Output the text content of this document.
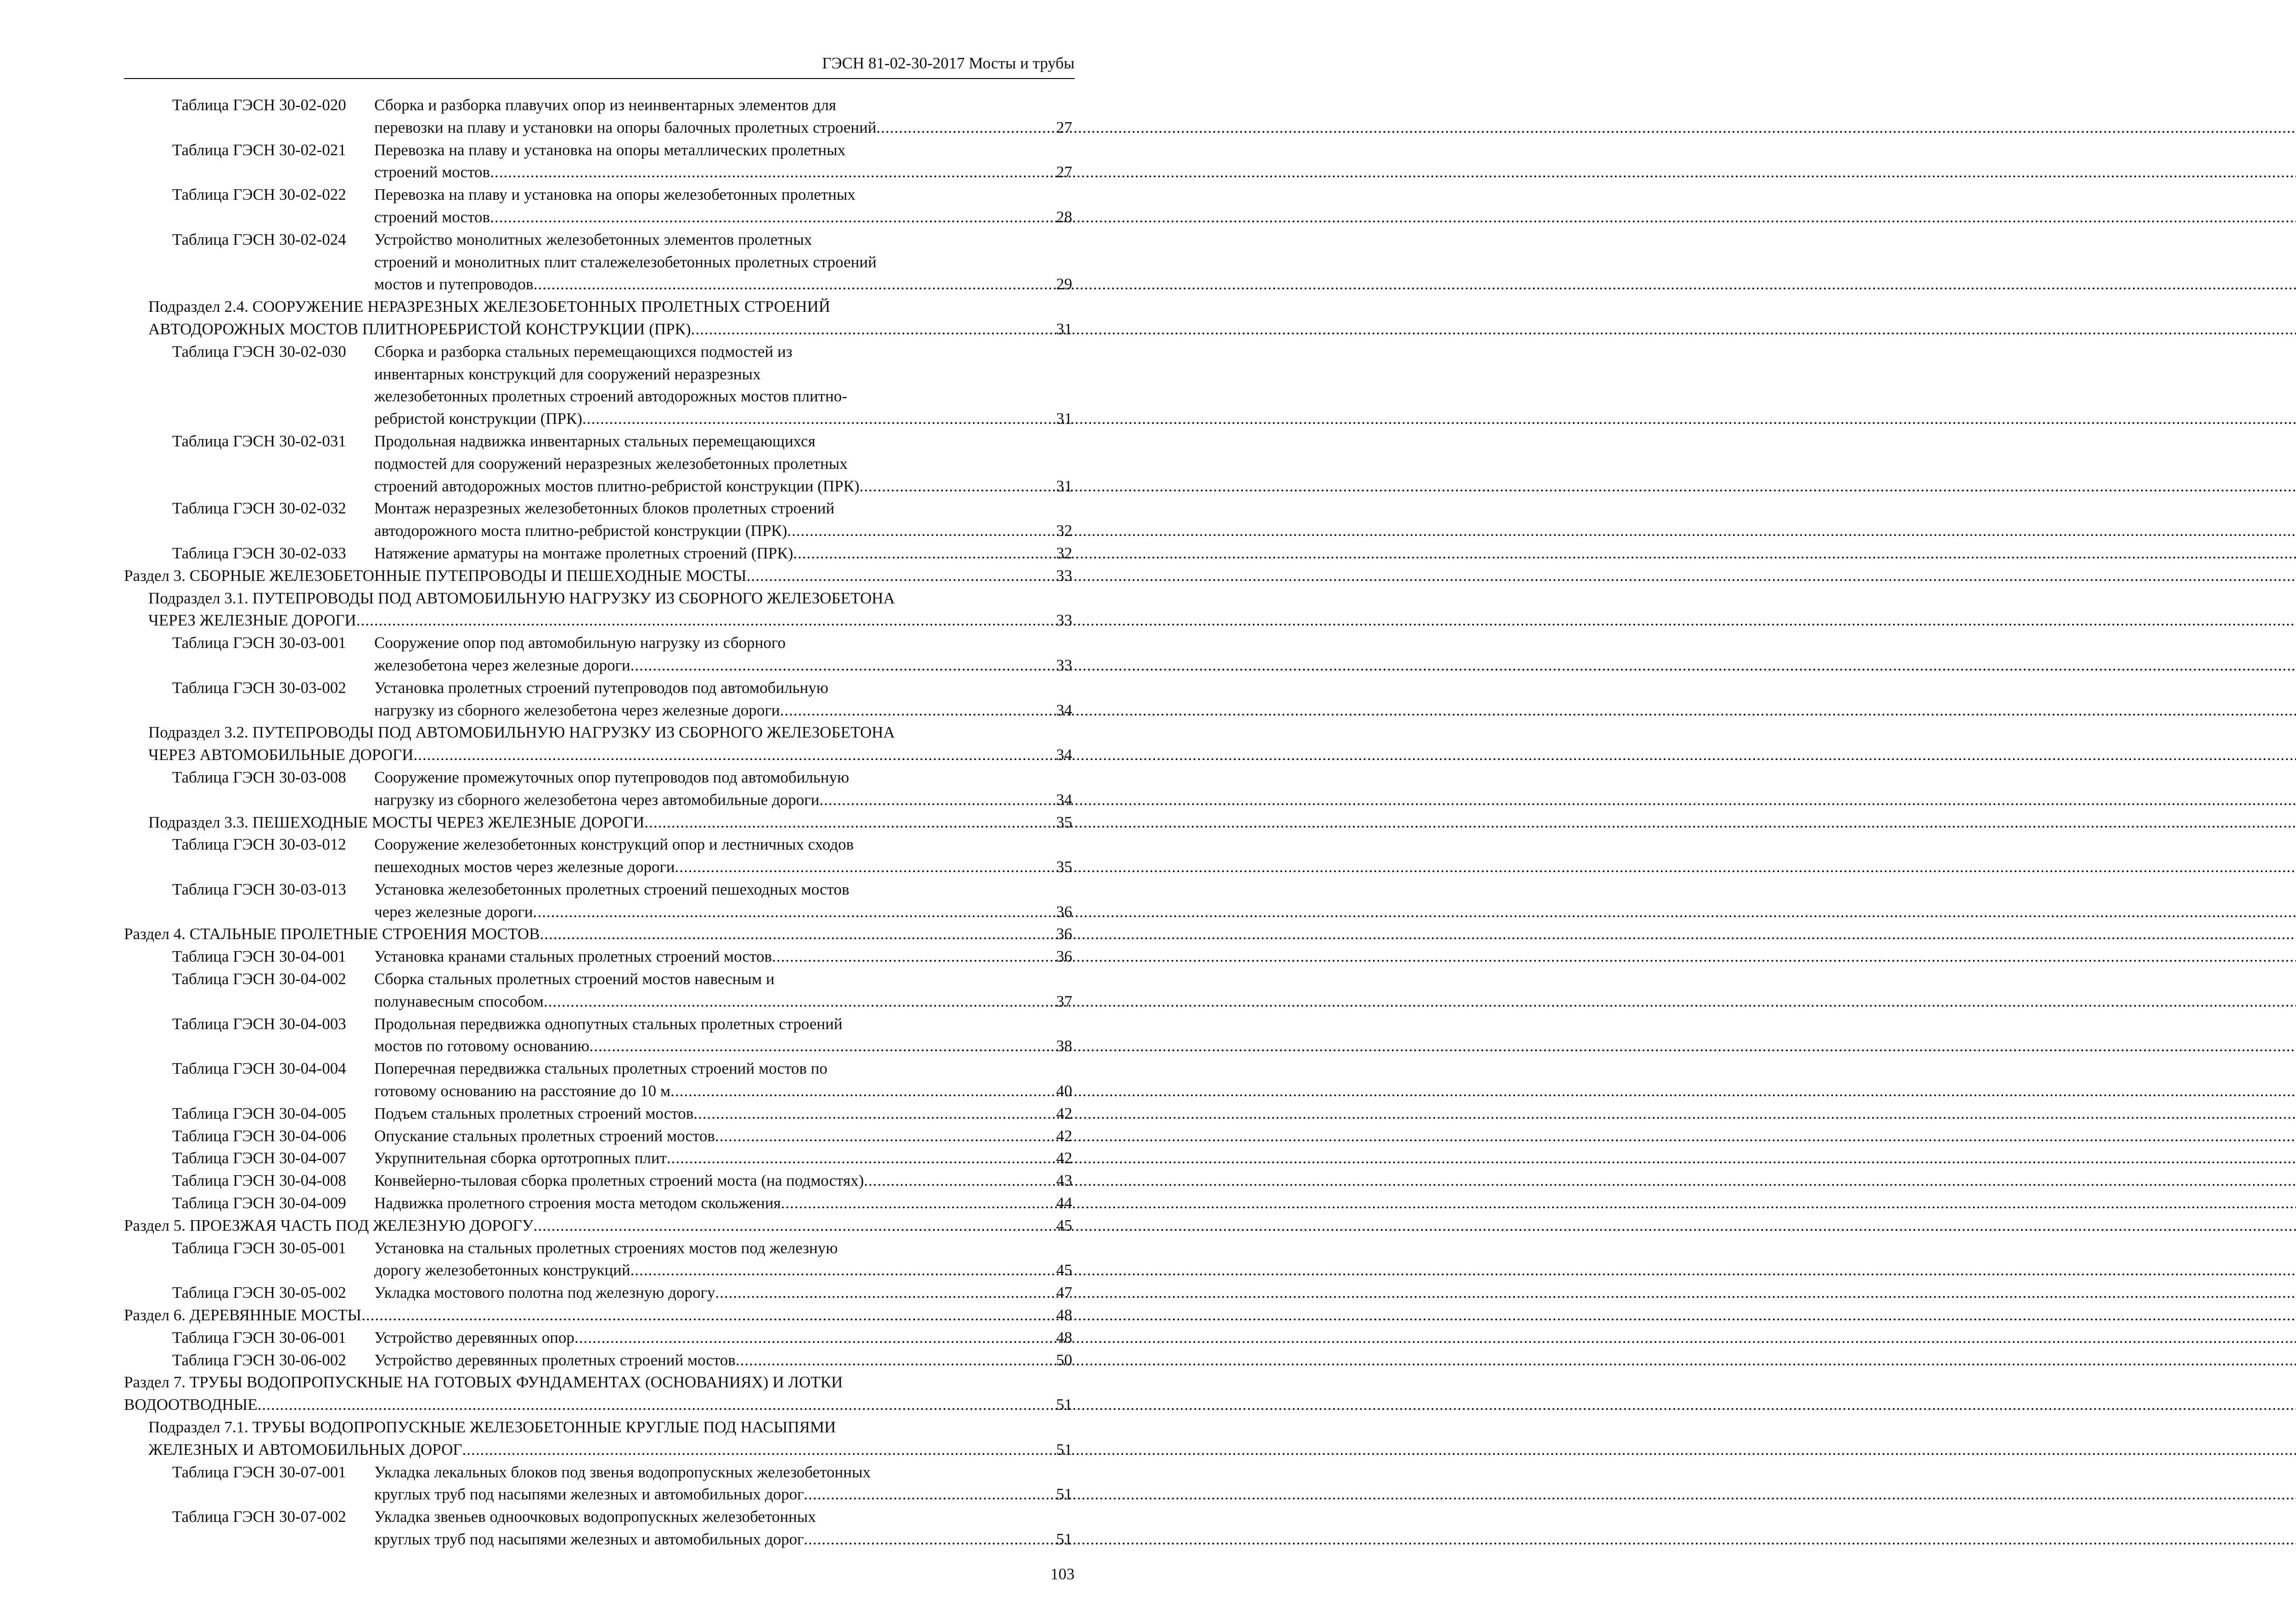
ГЭСН 81-02-30-2017 Мосты и трубы
Таблица ГЭСН 30-02-020	Сборка и разборка плавучих опор из неинвентарных элементов для
перевозки на плаву и установки на опоры балочных пролетных строений .....	27
Таблица ГЭСН 30-02-021	Перевозка на плаву и установка на опоры металлических пролетных
строений мостов .....	27
Таблица ГЭСН 30-02-022	Перевозка на плаву и установка на опоры железобетонных пролетных
строений мостов .....	28
Таблица ГЭСН 30-02-024	Устройство монолитных железобетонных элементов пролетных
строений и монолитных плит сталежелезобетонных пролетных строений
мостов и путепроводов .....	29
Подраздел 2.4. СООРУЖЕНИЕ НЕРАЗРЕЗНЫХ ЖЕЛЕЗОБЕТОННЫХ ПРОЛЕТНЫХ СТРОЕНИЙ
АВТОДОРОЖНЫХ МОСТОВ ПЛИТНОРЕБРИСТОЙ КОНСТРУКЦИИ (ПРК) .....	31
Таблица ГЭСН 30-02-030	Сборка и разборка стальных перемещающихся подмостей из
инвентарных конструкций для сооружений неразрезных
железобетонных пролетных строений автодорожных мостов плитно-
ребристой конструкции (ПРК) .....	31
Таблица ГЭСН 30-02-031	Продольная надвижка инвентарных стальных перемещающихся
подмостей для сооружений неразрезных железобетонных пролетных
строений автодорожных мостов плитно-ребристой конструкции (ПРК) .....	31
Таблица ГЭСН 30-02-032	Монтаж неразрезных железобетонных блоков пролетных строений
автодорожного моста плитно-ребристой конструкции (ПРК) .....	32
Таблица ГЭСН 30-02-033	Натяжение арматуры на монтаже пролетных строений (ПРК) .....	32
Раздел 3. СБОРНЫЕ ЖЕЛЕЗОБЕТОННЫЕ ПУТЕПРОВОДЫ И ПЕШЕХОДНЫЕ МОСТЫ .....	33
Подраздел 3.1. ПУТЕПРОВОДЫ ПОД АВТОМОБИЛЬНУЮ НАГРУЗКУ ИЗ СБОРНОГО ЖЕЛЕЗОБЕТОНА
ЧЕРЕЗ ЖЕЛЕЗНЫЕ ДОРОГИ .....	33
Таблица ГЭСН 30-03-001	Сооружение опор под автомобильную нагрузку из сборного
железобетона через железные дороги .....	33
Таблица ГЭСН 30-03-002	Установка пролетных строений путепроводов под автомобильную
нагрузку из сборного железобетона через железные дороги .....	34
Подраздел 3.2. ПУТЕПРОВОДЫ ПОД АВТОМОБИЛЬНУЮ НАГРУЗКУ ИЗ СБОРНОГО ЖЕЛЕЗОБЕТОНА
ЧЕРЕЗ АВТОМОБИЛЬНЫЕ ДОРОГИ .....	34
Таблица ГЭСН 30-03-008	Сооружение промежуточных опор путепроводов под автомобильную
нагрузку из сборного железобетона через автомобильные дороги .....	34
Подраздел 3.3. ПЕШЕХОДНЫЕ МОСТЫ ЧЕРЕЗ ЖЕЛЕЗНЫЕ ДОРОГИ .....	35
Таблица ГЭСН 30-03-012	Сооружение железобетонных конструкций опор и лестничных сходов
пешеходных мостов через железные дороги .....	35
Таблица ГЭСН 30-03-013	Установка железобетонных пролетных строений пешеходных мостов
через железные дороги .....	36
Раздел 4. СТАЛЬНЫЕ ПРОЛЕТНЫЕ СТРОЕНИЯ МОСТОВ .....	36
Таблица ГЭСН 30-04-001	Установка кранами стальных пролетных строений мостов .....	36
Таблица ГЭСН 30-04-002	Сборка стальных пролетных строений мостов навесным и
полунавесным способом .....	37
Таблица ГЭСН 30-04-003	Продольная передвижка однопутных стальных пролетных строений
мостов по готовому основанию .....	38
Таблица ГЭСН 30-04-004	Поперечная передвижка стальных пролетных строений мостов по
готовому основанию на расстояние до 10 м .....	40
Таблица ГЭСН 30-04-005	Подъем стальных пролетных строений мостов .....	42
Таблица ГЭСН 30-04-006	Опускание стальных пролетных строений мостов .....	42
Таблица ГЭСН 30-04-007	Укрупнительная сборка ортотропных плит .....	42
Таблица ГЭСН 30-04-008	Конвейерно-тыловая сборка пролетных строений моста (на подмостях) .....	43
Таблица ГЭСН 30-04-009	Надвижка пролетного строения моста методом скольжения .....	44
Раздел 5. ПРОЕЗЖАЯ ЧАСТЬ ПОД ЖЕЛЕЗНУЮ ДОРОГУ .....	45
Таблица ГЭСН 30-05-001	Установка на стальных пролетных строениях мостов под железную
дорогу железобетонных конструкций .....	45
Таблица ГЭСН 30-05-002	Укладка мостового полотна под железную дорогу .....	47
Раздел 6. ДЕРЕВЯННЫЕ МОСТЫ .....	48
Таблица ГЭСН 30-06-001	Устройство деревянных опор .....	48
Таблица ГЭСН 30-06-002	Устройство деревянных пролетных строений мостов .....	50
Раздел 7. ТРУБЫ ВОДОПРОПУСКНЫЕ НА ГОТОВЫХ ФУНДАМЕНТАХ (ОСНОВАНИЯХ) И ЛОТКИ
ВОДООТВОДНЫЕ .....	51
Подраздел 7.1. ТРУБЫ ВОДОПРОПУСКНЫЕ ЖЕЛЕЗОБЕТОННЫЕ КРУГЛЫЕ ПОД НАСЫПЯМИ
ЖЕЛЕЗНЫХ И АВТОМОБИЛЬНЫХ ДОРОГ .....	51
Таблица ГЭСН 30-07-001	Укладка лекальных блоков под звенья водопропускных железобетонных
круглых труб под насыпями железных и автомобильных дорог .....	51
Таблица ГЭСН 30-07-002	Укладка звеньев одноочковых водопропускных железобетонных
круглых труб под насыпями железных и автомобильных дорог .....	51
103
